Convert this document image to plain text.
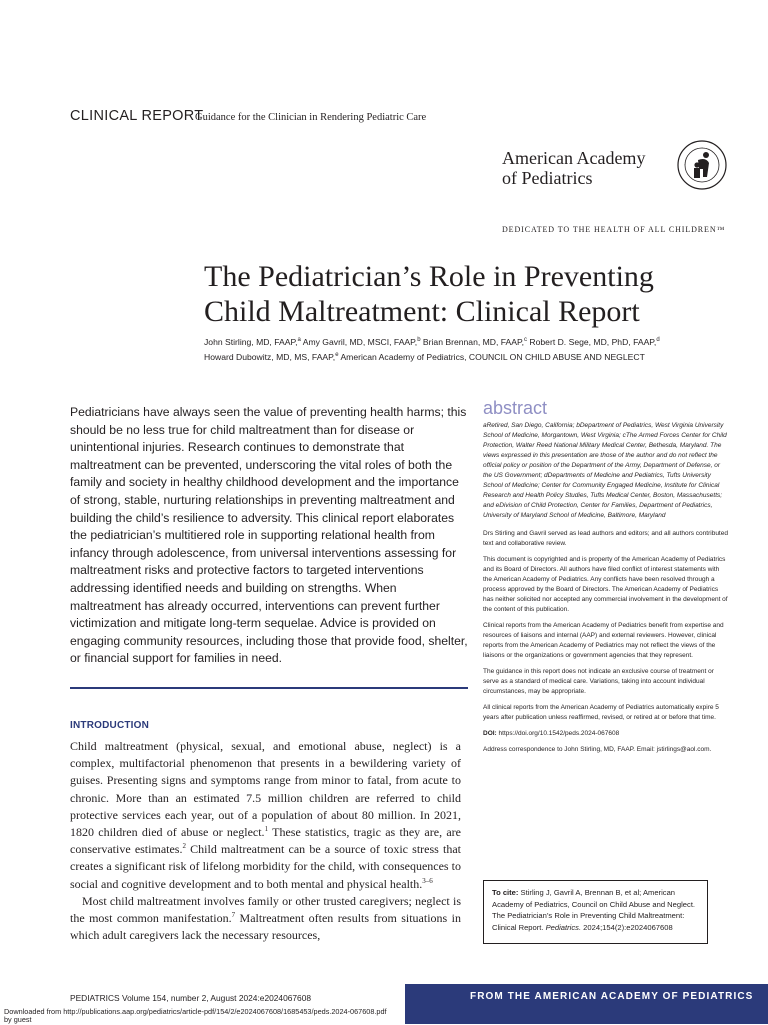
CLINICAL REPORT
Guidance for the Clinician in Rendering Pediatric Care
American Academy
of Pediatrics
DEDICATED TO THE HEALTH OF ALL CHILDREN™
The Pediatrician’s Role in Preventing
Child Maltreatment: Clinical Report
John Stirling, MD, FAAP,$^a$ Amy Gavril, MD, MSCI, FAAP,$^b$ Brian Brennan, MD, FAAP,$^c$ Robert D. Sege, MD, PhD, FAAP,$^d$
Howard Dubowitz, MD, MS, FAAP,$^e$ American Academy of Pediatrics, COUNCIL ON CHILD ABUSE AND NEGLECT
Pediatricians have always seen the value of preventing health harms; this should be no less true for child maltreatment than for disease or unintentional injuries. Research continues to demonstrate that maltreatment can be prevented, underscoring the vital roles of both the family and society in healthy childhood development and the importance of strong, stable, nurturing relationships in preventing maltreatment and building the child’s resilience to adversity. This clinical report elaborates the pediatrician’s multitiered role in supporting relational health from infancy through adolescence, from universal interventions assessing for maltreatment risks and protective factors to targeted interventions addressing identified needs and building on strengths. When maltreatment has already occurred, interventions can prevent further victimization and mitigate long-term sequelae. Advice is provided on engaging community resources, including those that provide food, shelter, or financial support for families in need.
INTRODUCTION

Child maltreatment (physical, sexual, and emotional abuse, neglect) is a complex, multifactorial phenomenon that presents in a bewildering variety of guises. Presenting signs and symptoms range from minor to fatal, from acute to chronic. More than an estimated 7.5 million children are referred to child protective services each year, out of a population of about 80 million. In 2021, 1820 children died of abuse or neglect.$^1$ These statistics, tragic as they are, are conservative estimates.$^2$ Child maltreatment can be a source of toxic stress that creates a significant risk of lifelong morbidity for the child, with consequences to social and cognitive development and to both mental and physical health.$^{3-6}$

Most child maltreatment involves family or other trusted caregivers; neglect is the most common manifestation.$^7$ Maltreatment often results from situations in which adult caregivers lack the necessary resources,

abstract

aRetired, San Diego, California; bDepartment of Pediatrics, West Virginia University School of Medicine, Morgantown, West Virginia; cThe Armed Forces Center for Child Protection, Walter Reed National Military Medical Center, Bethesda, Maryland. The views expressed in this presentation are those of the author and do not reflect the official policy or position of the Department of the Army, Department of Defense, or the US Government; dDepartments of Medicine and Pediatrics, Tufts University School of Medicine; Center for Community Engaged Medicine, Institute for Clinical Research and Health Policy Studies, Tufts Medical Center, Boston, Massachusetts; and eDivision of Child Protection, Center for Families, Department of Pediatrics, University of Maryland School of Medicine, Baltimore, Maryland

Drs Stirling and Gavril served as lead authors and editors; and all authors contributed text and collaborative review.

This document is copyrighted and is property of the American Academy of Pediatrics and its Board of Directors. All authors have filed conflict of interest statements with the American Academy of Pediatrics. Any conflicts have been resolved through a process approved by the Board of Directors. The American Academy of Pediatrics has neither solicited nor accepted any commercial involvement in the development of the content of this publication.

Clinical reports from the American Academy of Pediatrics benefit from expertise and resources of liaisons and internal (AAP) and external reviewers. However, clinical reports from the American Academy of Pediatrics may not reflect the views of the liaisons or the organizations or government agencies that they represent.

The guidance in this report does not indicate an exclusive course of treatment or serve as a standard of medical care. Variations, taking into account individual circumstances, may be appropriate.

All clinical reports from the American Academy of Pediatrics automatically expire 5 years after publication unless reaffirmed, revised, or retired at or before that time.

DOI: https://doi.org/10.1542/peds.2024-067608

Address correspondence to John Stirling, MD, FAAP. Email: jstirlings@aol.com.

To cite: Stirling J, Gavril A, Brennan B, et al; American Academy of Pediatrics, Council on Child Abuse and Neglect. The Pediatrician’s Role in Preventing Child Maltreatment: Clinical Report. Pediatrics. 2024;154(2):e2024067608
PEDIATRICS Volume 154, number 2, August 2024:e2024067608	FROM THE AMERICAN ACADEMY OF PEDIATRICS
Downloaded from http://publications.aap.org/pediatrics/article-pdf/154/2/e2024067608/1685453/peds.2024-067608.pdf
by guest
